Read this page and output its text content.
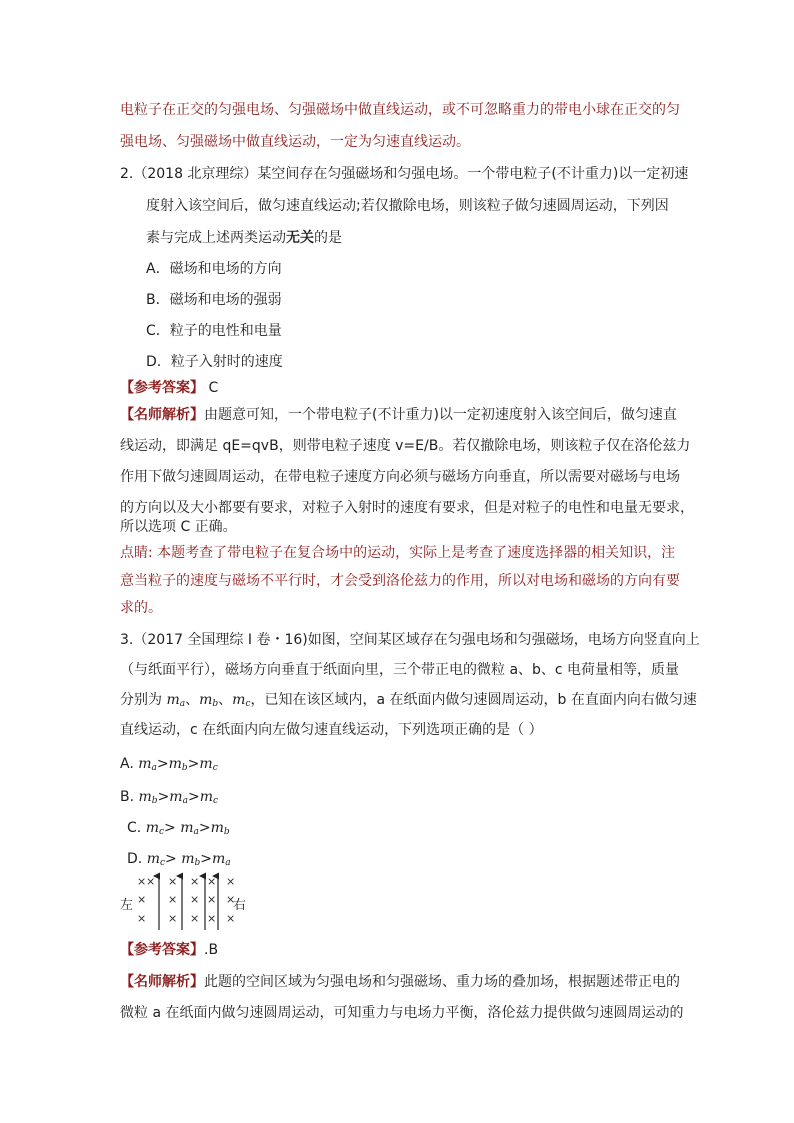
电粒子在正交的匀强电场、匀强磁场中做直线运动，或不可忽略重力的带电小球在正交的匀
强电场、匀强磁场中做直线运动，一定为匀速直线运动。
2.（2018 北京理综）某空间存在匀强磁场和匀强电场。一个带电粒子(不计重力)以一定初速
度射入该空间后，做匀速直线运动;若仅撤除电场，则该粒子做匀速圆周运动，下列因
素与完成上述两类运动无关的是
A．磁场和电场的方向
B．磁场和电场的强弱
C．粒子的电性和电量
D．粒子入射时的速度
【参考答案】 C
【名师解析】由题意可知，一个带电粒子(不计重力)以一定初速度射入该空间后，做匀速直
线运动，即满足 qE=qvB，则带电粒子速度 v=E/B。若仅撤除电场，则该粒子仅在洛伦兹力
作用下做匀速圆周运动，在带电粒子速度方向必须与磁场方向垂直，所以需要对磁场与电场
的方向以及大小都要有要求，对粒子入射时的速度有要求，但是对粒子的电性和电量无要求，
所以选项 C 正确。
点睛: 本题考查了带电粒子在复合场中的运动，实际上是考查了速度选择器的相关知识，注
意当粒子的速度与磁场不平行时，才会受到洛伦兹力的作用，所以对电场和磁场的方向有要
求的。
3.（2017 全国理综 I 卷・16)如图，空间某区域存在匀强电场和匀强磁场，电场方向竖直向上
（与纸面平行），磁场方向垂直于纸面向里，三个带正电的微粒 a、b、c 电荷量相等，质量
分别为 $m_a$、$m_b$、$m_c$，已知在该区域内，a 在纸面内做匀速圆周运动，b 在直面内向右做匀速
直线运动，c 在纸面内向左做匀速直线运动，下列选项正确的是（ ）
A. $m_a>m_b>m_c$
B. $m_b>m_a>m_c$
C. $m_c> m_a>m_b$
D. $m_c> m_b>m_a$
× × × × × ×
× × × × ×
× × × × ×
左	右
【参考答案】.B
【名师解析】此题的空间区域为匀强电场和匀强磁场、重力场的叠加场，根据题述带正电的
微粒 a 在纸面内做匀速圆周运动，可知重力与电场力平衡，洛伦兹力提供做匀速圆周运动的
